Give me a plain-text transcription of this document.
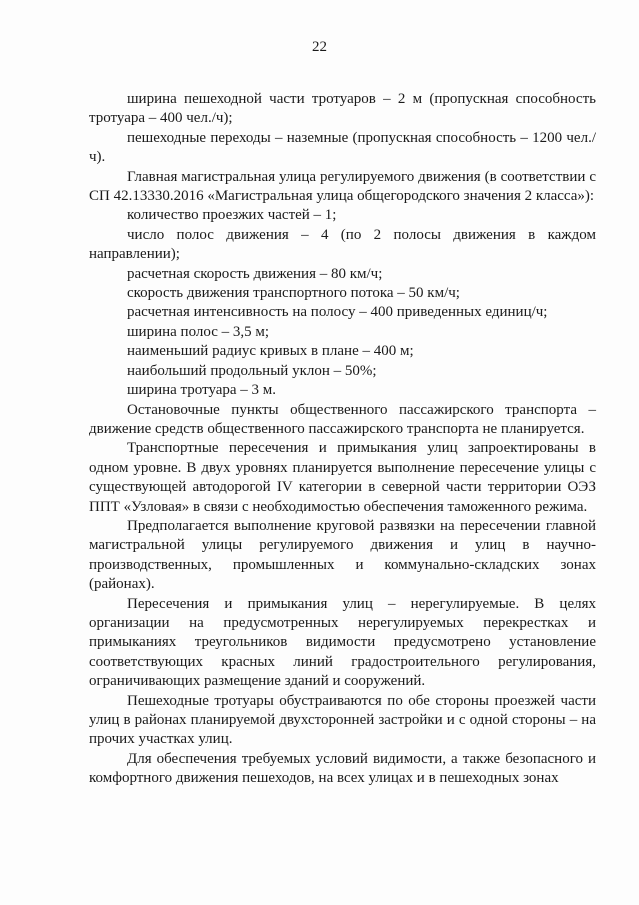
22

ширина пешеходной части тротуаров – 2 м (пропускная способность тротуара – 400 чел./ч);

пешеходные переходы – наземные (пропускная способность – 1200 чел./ч).

Главная магистральная улица регулируемого движения (в соответствии с СП 42.13330.2016 «Магистральная улица общегородского значения 2 класса»):

количество проезжих частей – 1;

число полос движения – 4 (по 2 полосы движения в каждом направлении);

расчетная скорость движения – 80 км/ч;

скорость движения транспортного потока – 50 км/ч;

расчетная интенсивность на полосу – 400 приведенных единиц/ч;

ширина полос – 3,5 м;

наименьший радиус кривых в плане – 400 м;

наибольший продольный уклон – 50%;

ширина тротуара – 3 м.

Остановочные пункты общественного пассажирского транспорта – движение средств общественного пассажирского транспорта не планируется.

Транспортные пересечения и примыкания улиц запроектированы в одном уровне. В двух уровнях планируется выполнение пересечение улицы с существующей автодорогой IV категории в северной части территории ОЭЗ ППТ «Узловая» в связи с необходимостью обеспечения таможенного режима.

Предполагается выполнение круговой развязки на пересечении главной магистральной улицы регулируемого движения и улиц в научно-производственных, промышленных и коммунально-складских зонах (районах).

Пересечения и примыкания улиц – нерегулируемые. В целях организации на предусмотренных нерегулируемых перекрестках и примыканиях треугольников видимости предусмотрено установление соответствующих красных линий градостроительного регулирования, ограничивающих размещение зданий и сооружений.

Пешеходные тротуары обустраиваются по обе стороны проезжей части улиц в районах планируемой двухсторонней застройки и с одной стороны – на прочих участках улиц.

Для обеспечения требуемых условий видимости, а также безопасного и комфортного движения пешеходов, на всех улицах и в пешеходных зонах
